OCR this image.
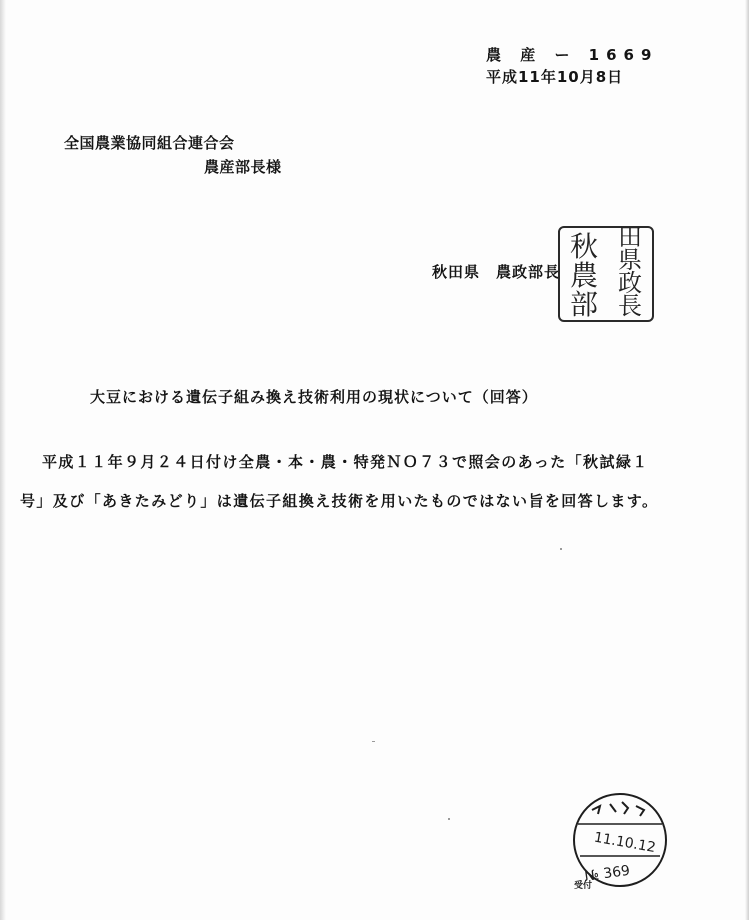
農 産 ー 1669
平成11年10月8日
全国農業協同組合連合会
農産部長様
秋田県　農政部長
秋
農
部
田
県
政
長
大豆における遺伝子組み換え技術利用の現状について（回答）
平成１１年９月２４日付け全農・本・農・特発ＮＯ７３で照会のあった「秋試緑１
号」及び「あきたみどり」は遺伝子組換え技術を用いたものではない旨を回答します。
11.10.12
№ 369
受付
